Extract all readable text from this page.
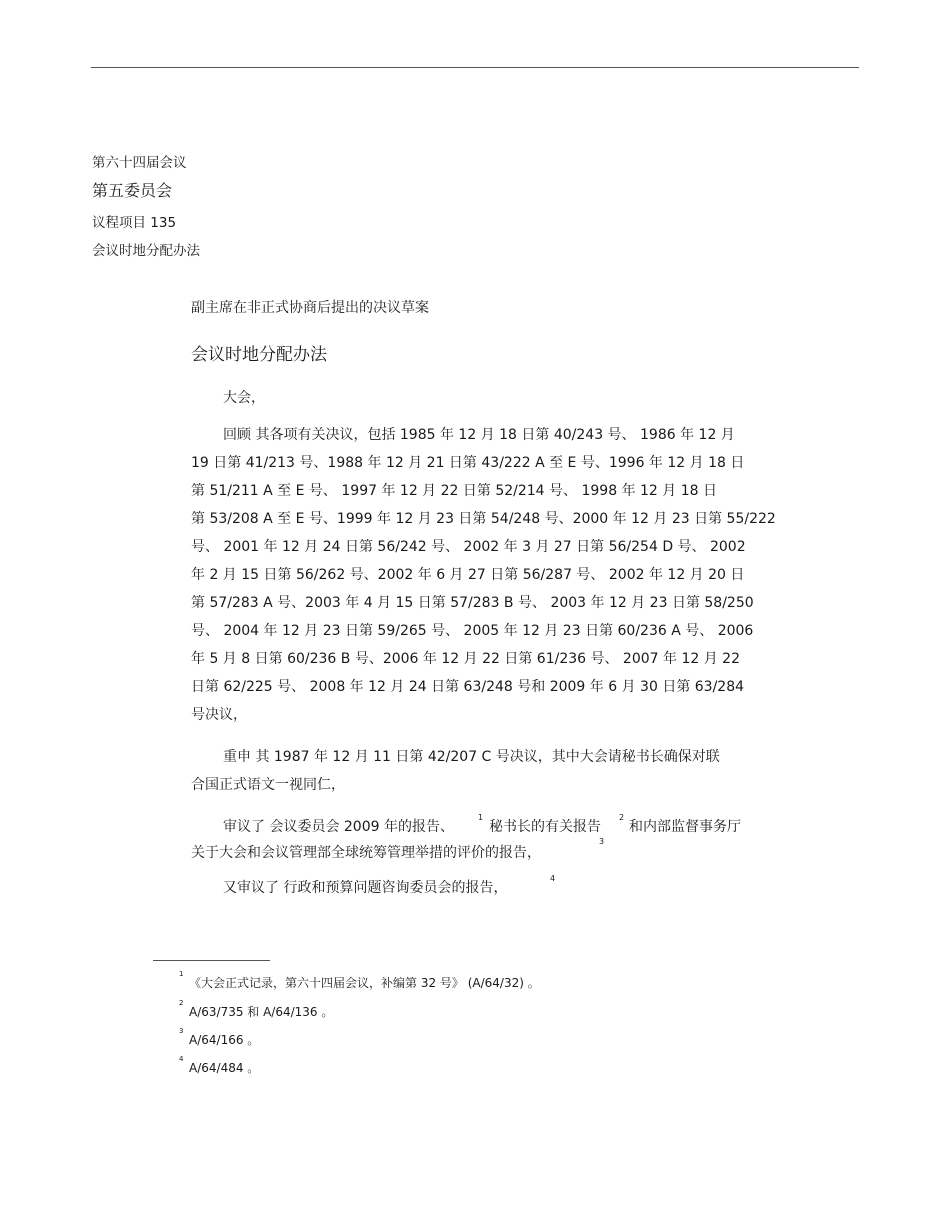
第六十四届会议
第五委员会
议程项目 135
会议时地分配办法
副主席在非正式协商后提出的决议草案
会议时地分配办法
大会，
回顾 其各项有关决议，包括 1985 年 12 月 18 日第 40/243 号、 1986 年 12 月
19 日第 41/213 号、1988 年 12 月 21 日第 43/222 A 至 E 号、1996 年 12 月 18 日
第 51/211 A 至 E 号、 1997 年 12 月 22 日第 52/214 号、 1998 年 12 月 18 日
第 53/208 A 至 E 号、1999 年 12 月 23 日第 54/248 号、2000 年 12 月 23 日第 55/222
号、 2001 年 12 月 24 日第 56/242 号、 2002 年 3 月 27 日第 56/254 D 号、 2002
年 2 月 15 日第 56/262 号、2002 年 6 月 27 日第 56/287 号、 2002 年 12 月 20 日
第 57/283 A 号、2003 年 4 月 15 日第 57/283 B 号、 2003 年 12 月 23 日第 58/250
号、 2004 年 12 月 23 日第 59/265 号、 2005 年 12 月 23 日第 60/236 A 号、 2006
年 5 月 8 日第 60/236 B 号、2006 年 12 月 22 日第 61/236 号、 2007 年 12 月 22
日第 62/225 号、 2008 年 12 月 24 日第 63/248 号和 2009 年 6 月 30 日第 63/284
号决议，
重申 其 1987 年 12 月 11 日第 42/207 C 号决议，其中大会请秘书长确保对联
合国正式语文一视同仁，
审议了 会议委员会 2009 年的报告、
1
秘书长的有关报告
2
和内部监督事务厅
关于大会和会议管理部全球统筹管理举措的评价的报告，
3
又审议了 行政和预算问题咨询委员会的报告，
4
1
《大会正式记录，第六十四届会议，补编第 32 号》 (A/64/32) 。
2
A/63/735 和 A/64/136 。
3
A/64/166 。
4
A/64/484 。
